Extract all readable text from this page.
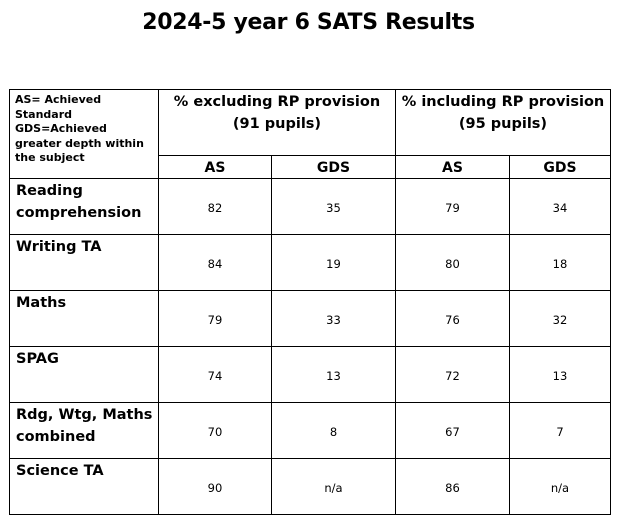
2024-5 year 6 SATS Results
AS= Achieved
Standard
GDS=Achieved
greater depth within
the subject	% excluding RP provision
(91 pupils)		% including RP provision
(95 pupils)	

	AS	GDS	AS	GDS

Reading
comprehension	82	35	79	34

Writing TA	84	19	80	18

Maths	79	33	76	32

SPAG	74	13	72	13

Rdg, Wtg, Maths
combined	70	8	67	7

Science TA	90	n/a	86	n/a
